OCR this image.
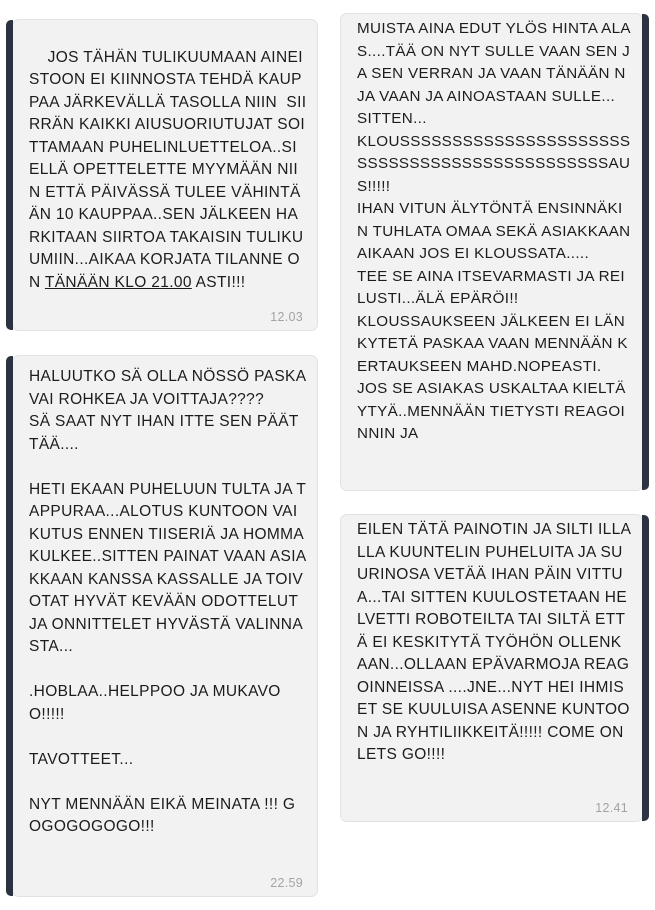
JOS TÄHÄN TULIKUUMAAN AINEISTOON EI KIINNOSTA TEHDÄ KAUPPAA JÄRKEVÄLLÄ TASOLLA NIIN  SIIRRÄN KAIKKI AIUSUORIUTUJAT SOITTAMAAN PUHELINLUETTELOA..SIELLÄ OPETTELETTE MYYMÄÄN NIIN ETTÄ PÄIVÄSSÄ TULEE VÄHINTÄÄN 10 KAUPPAA..SEN JÄLKEEN HARKITAAN SIIRTOA TAKAISIN TULIKUUMIIN...AIKAA KORJATA TILANNE ON TÄNÄÄN KLO 21.00 ASTI!!!

12.03
HALUUTKO SÄ OLLA NÖSSÖ PASKA VAI ROHKEA JA VOITTAJA????
SÄ SAAT NYT IHAN ITTE SEN PÄÄTTÄÄ....

HETI EKAAN PUHELUUN TULTA JA TAPPURAA...ALOTUS KUNTOON VAIKUTUS ENNEN TIISERIÄ JA HOMMA KULKEE..SITTEN PAINAT VAAN ASIAKKAAN KANSSA KASSALLE JA TOIVOTAT HYVÄT KEVÄÄN ODOTTELUT JA ONNITTELET HYVÄSTÄ VALINNASTA...

.HOBLAA..HELPPOO JA MUKAVOO!!!!!

TAVOTTEET...

NYT MENNÄÄN EIKÄ MEINATA !!! GOGOGOGOGO!!!
22.59
MUISTA AINA EDUT YLÖS HINTA ALAS....TÄÄ ON NYT SULLE VAAN SEN JA SEN VERRAN JA VAAN TÄNÄÄN NJA VAAN JA AINOASTAAN SULLE...
SITTEN...
KLOUSSSSSSSSSSSSSSSSSSSSSSSSSSSSSSSSSSSSSSSSSSSSSSAUS!!!!!
IHAN VITUN ÄLYTÖNTÄ ENSINNÄKIN TUHLATA OMAA SEKÄ ASIAKKAAN AIKAAN JOS EI KLOUSSATA.....
TEE SE AINA ITSEVARMASTI JA REILUSTI...ÄLÄ EPÄRÖI!!
KLOUSSAUKSEEN JÄLKEEN EI LÄNKYTETÄ PASKAA VAAN MENNÄÄN KERTAUKSEEN MAHD.NOPEASTI.
JOS SE ASIAKAS USKALTAA KIELTÄYTYÄ..MENNÄÄN TIETYSTI REAGOINNIN JA
EILEN TÄTÄ PAINOTIN JA SILTI ILLALLA KUUNTELIN PUHELUITA JA SUURINOSA VETÄÄ IHAN PÄIN VITTUA...TAI SITTEN KUULOSTETAAN HELVETTI ROBOTEILTA TAI SILTÄ ETTÄ EI KESKITYTÄ TYÖHÖN OLLENKAAN...OLLAAN EPÄVARMOJA REAGOINNEISSA ....JNE...NYT HEI IHMISET SE KUULUISA ASENNE KUNTOON JA RYHTILIIKKEITÄ!!!!! COME ON LETS GO!!!!
12.41
